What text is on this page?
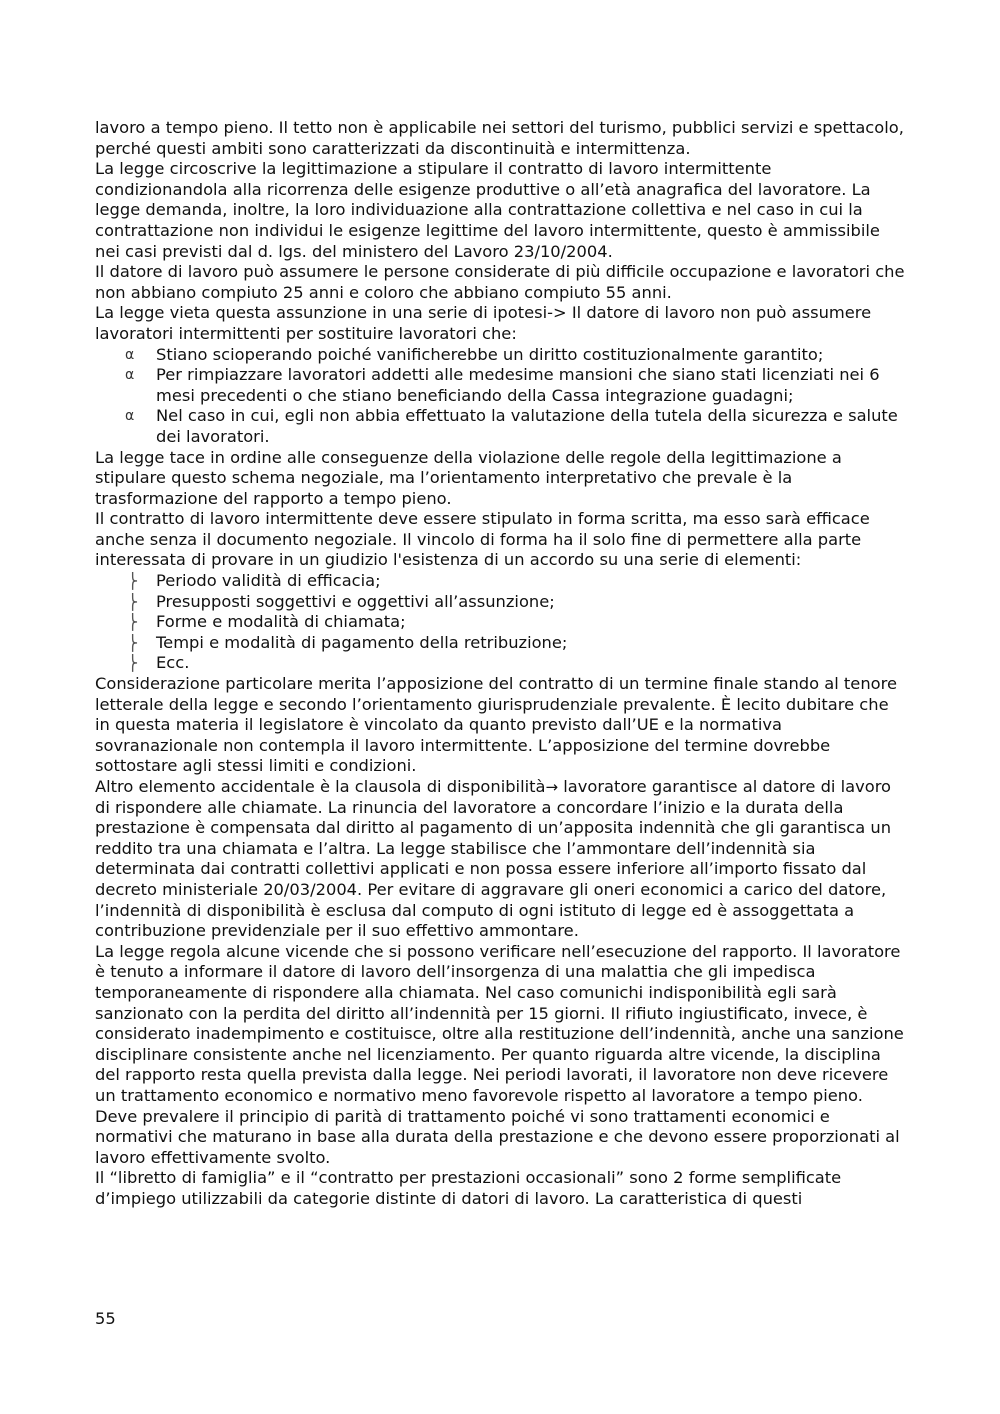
lavoro a tempo pieno. Il tetto non è applicabile nei settori del turismo, pubblici servizi e spettacolo, perché questi ambiti sono caratterizzati da discontinuità e intermittenza.

La legge circoscrive la legittimazione a stipulare il contratto di lavoro intermittente condizionandola alla ricorrenza delle esigenze produttive o all’età anagrafica del lavoratore. La legge demanda, inoltre, la loro individuazione alla contrattazione collettiva e nel caso in cui la contrattazione non individui le esigenze legittime del lavoro intermittente, questo è ammissibile nei casi previsti dal d. lgs. del ministero del Lavoro 23/10/2004.

Il datore di lavoro può assumere le persone considerate di più difficile occupazione e lavoratori che non abbiano compiuto 25 anni e coloro che abbiano compiuto 55 anni.

La legge vieta questa assunzione in una serie di ipotesi-> Il datore di lavoro non può assumere lavoratori intermittenti per sostituire lavoratori che:

α Stiano scioperando poiché vanificherebbe un diritto costituzionalmente garantito;
α Per rimpiazzare lavoratori addetti alle medesime mansioni che siano stati licenziati nei 6 mesi precedenti o che stiano beneficiando della Cassa integrazione guadagni;
α Nel caso in cui, egli non abbia effettuato la valutazione della tutela della sicurezza e salute dei lavoratori.

La legge tace in ordine alle conseguenze della violazione delle regole della legittimazione a stipulare questo schema negoziale, ma l’orientamento interpretativo che prevale è la trasformazione del rapporto a tempo pieno.

Il contratto di lavoro intermittente deve essere stipulato in forma scritta, ma esso sarà efficace anche senza il documento negoziale. Il vincolo di forma ha il solo fine di permettere alla parte interessata di provare in un giudizio l'esistenza di un accordo su una serie di elementi:

⎬ Periodo validità di efficacia;
⎬ Presupposti soggettivi e oggettivi all’assunzione;
⎬ Forme e modalità di chiamata;
⎬ Tempi e modalità di pagamento della retribuzione;
⎬ Ecc.

Considerazione particolare merita l’apposizione del contratto di un termine finale stando al tenore letterale della legge e secondo l’orientamento giurisprudenziale prevalente. È lecito dubitare che in questa materia il legislatore è vincolato da quanto previsto dall’UE e la normativa sovranazionale non contempla il lavoro intermittente. L’apposizione del termine dovrebbe sottostare agli stessi limiti e condizioni.

Altro elemento accidentale è la clausola di disponibilità→ lavoratore garantisce al datore di lavoro di rispondere alle chiamate. La rinuncia del lavoratore a concordare l’inizio e la durata della prestazione è compensata dal diritto al pagamento di un’apposita indennità che gli garantisca un reddito tra una chiamata e l’altra. La legge stabilisce che l’ammontare dell’indennità sia determinata dai contratti collettivi applicati e non possa essere inferiore all’importo fissato dal decreto ministeriale 20/03/2004. Per evitare di aggravare gli oneri economici a carico del datore, l’indennità di disponibilità è esclusa dal computo di ogni istituto di legge ed è assoggettata a contribuzione previdenziale per il suo effettivo ammontare.

La legge regola alcune vicende che si possono verificare nell’esecuzione del rapporto. Il lavoratore è tenuto a informare il datore di lavoro dell’insorgenza di una malattia che gli impedisca temporaneamente di rispondere alla chiamata. Nel caso comunichi indisponibilità egli sarà sanzionato con la perdita del diritto all’indennità per 15 giorni. Il rifiuto ingiustificato, invece, è considerato inadempimento e costituisce, oltre alla restituzione dell’indennità, anche una sanzione disciplinare consistente anche nel licenziamento. Per quanto riguarda altre vicende, la disciplina del rapporto resta quella prevista dalla legge. Nei periodi lavorati, il lavoratore non deve ricevere un trattamento economico e normativo meno favorevole rispetto al lavoratore a tempo pieno. Deve prevalere il principio di parità di trattamento poiché vi sono trattamenti economici e normativi che maturano in base alla durata della prestazione e che devono essere proporzionati al lavoro effettivamente svolto.

Il “libretto di famiglia” e il “contratto per prestazioni occasionali” sono 2 forme semplificate d’impiego utilizzabili da categorie distinte di datori di lavoro. La caratteristica di questi

55
